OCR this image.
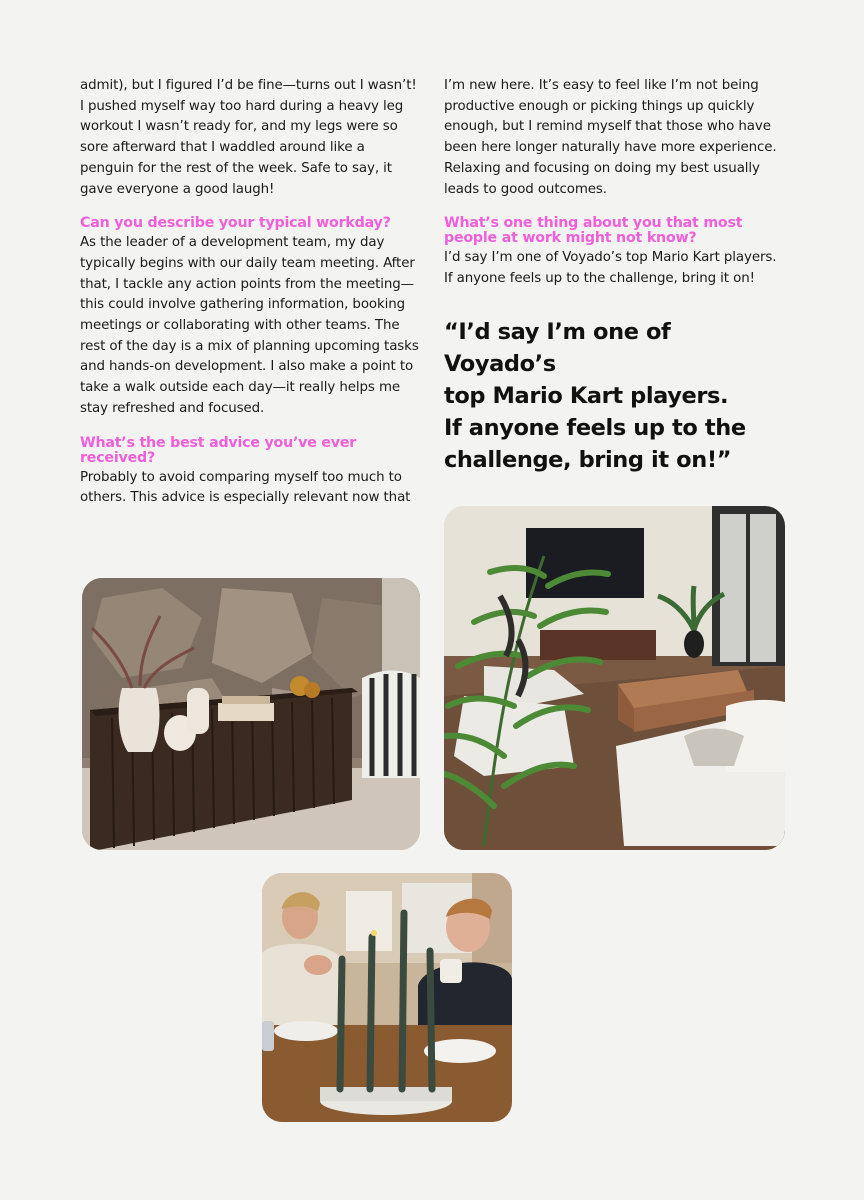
admit), but I figured I’d be fine—turns out I wasn’t! I pushed myself way too hard during a heavy leg workout I wasn’t ready for, and my legs were so sore afterward that I waddled around like a penguin for the rest of the week. Safe to say, it gave everyone a good laugh!

Can you describe your typical workday?

As the leader of a development team, my day typically begins with our daily team meeting. After that, I tackle any action points from the meeting—this could involve gathering information, booking meetings or collaborating with other teams. The rest of the day is a mix of planning upcoming tasks and hands-on development. I also make a point to take a walk outside each day—it really helps me stay refreshed and focused.

What’s the best advice you’ve ever received?

Probably to avoid comparing myself too much to others. This advice is especially relevant now that

I’m new here. It’s easy to feel like I’m not being productive enough or picking things up quickly enough, but I remind myself that those who have been here longer naturally have more experience. Relaxing and focusing on doing my best usually leads to good outcomes.

What’s one thing about you that most people at work might not know?

I’d say I’m one of Voyado’s top Mario Kart players. If anyone feels up to the challenge, bring it on!

“I’d say I’m one of Voyado’s
top Mario Kart players.
If anyone feels up to the
challenge, bring it on!”
